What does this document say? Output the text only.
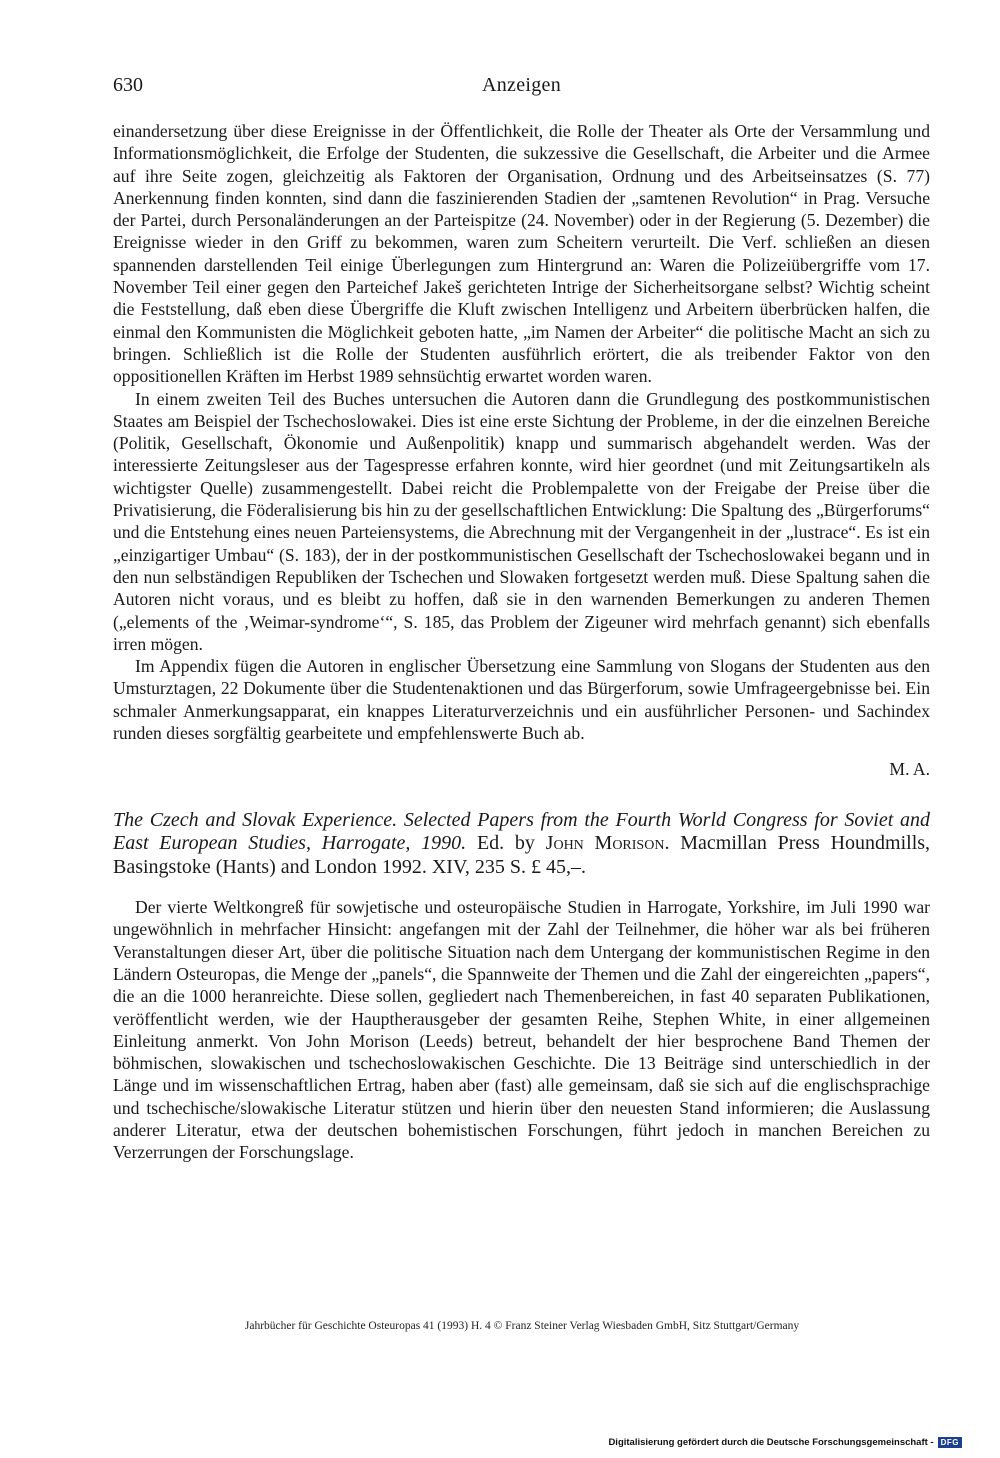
630	Anzeigen

einandersetzung über diese Ereignisse in der Öffentlichkeit, die Rolle der Theater als Orte der Versammlung und Informationsmöglichkeit, die Erfolge der Studenten, die sukzessive die Gesellschaft, die Arbeiter und die Armee auf ihre Seite zogen, gleichzeitig als Faktoren der Organisation, Ordnung und des Arbeitseinsatzes (S. 77) Anerkennung finden konnten, sind dann die faszinierenden Stadien der „samtenen Revolution“ in Prag. Versuche der Partei, durch Personaländerungen an der Parteispitze (24. November) oder in der Regierung (5. Dezember) die Ereignisse wieder in den Griff zu bekommen, waren zum Scheitern verurteilt. Die Verf. schließen an diesen spannenden darstellenden Teil einige Überlegungen zum Hintergrund an: Waren die Polizeiübergriffe vom 17. November Teil einer gegen den Parteichef Jakeš gerichteten Intrige der Sicherheitsorgane selbst? Wichtig scheint die Feststellung, daß eben diese Übergriffe die Kluft zwischen Intelligenz und Arbeitern überbrücken halfen, die einmal den Kommunisten die Möglichkeit geboten hatte, „im Namen der Arbeiter“ die politische Macht an sich zu bringen. Schließlich ist die Rolle der Studenten ausführlich erörtert, die als treibender Faktor von den oppositionellen Kräften im Herbst 1989 sehnsüchtig erwartet worden waren.

In einem zweiten Teil des Buches untersuchen die Autoren dann die Grundlegung des postkommunistischen Staates am Beispiel der Tschechoslowakei. Dies ist eine erste Sichtung der Probleme, in der die einzelnen Bereiche (Politik, Gesellschaft, Ökonomie und Außenpolitik) knapp und summarisch abgehandelt werden. Was der interessierte Zeitungsleser aus der Tagespresse erfahren konnte, wird hier geordnet (und mit Zeitungsartikeln als wichtigster Quelle) zusammengestellt. Dabei reicht die Problempalette von der Freigabe der Preise über die Privatisierung, die Föderalisierung bis hin zu der gesellschaftlichen Entwicklung: Die Spaltung des „Bürgerforums“ und die Entstehung eines neuen Parteiensystems, die Abrechnung mit der Vergangenheit in der „lustrace“. Es ist ein „einzigartiger Umbau“ (S. 183), der in der postkommunistischen Gesellschaft der Tschechoslowakei begann und in den nun selbständigen Republiken der Tschechen und Slowaken fortgesetzt werden muß. Diese Spaltung sahen die Autoren nicht voraus, und es bleibt zu hoffen, daß sie in den warnenden Bemerkungen zu anderen Themen („elements of the ‚Weimar-syndrome‘“, S. 185, das Problem der Zigeuner wird mehrfach genannt) sich ebenfalls irren mögen.

Im Appendix fügen die Autoren in englischer Übersetzung eine Sammlung von Slogans der Studenten aus den Umsturztagen, 22 Dokumente über die Studentenaktionen und das Bürgerforum, sowie Umfrageergebnisse bei. Ein schmaler Anmerkungsapparat, ein knappes Literaturverzeichnis und ein ausführlicher Personen- und Sachindex runden dieses sorgfältig gearbeitete und empfehlenswerte Buch ab.

M. A.

The Czech and Slovak Experience. Selected Papers from the Fourth World Congress for Soviet and East European Studies, Harrogate, 1990. Ed. by John Morison. Macmillan Press Houndmills, Basingstoke (Hants) and London 1992. XIV, 235 S. £ 45,–.

Der vierte Weltkongreß für sowjetische und osteuropäische Studien in Harrogate, Yorkshire, im Juli 1990 war ungewöhnlich in mehrfacher Hinsicht: angefangen mit der Zahl der Teilnehmer, die höher war als bei früheren Veranstaltungen dieser Art, über die politische Situation nach dem Untergang der kommunistischen Regime in den Ländern Osteuropas, die Menge der „panels“, die Spannweite der Themen und die Zahl der eingereichten „papers“, die an die 1000 heranreichte. Diese sollen, gegliedert nach Themenbereichen, in fast 40 separaten Publikationen, veröffentlicht werden, wie der Hauptherausgeber der gesamten Reihe, Stephen White, in einer allgemeinen Einleitung anmerkt. Von John Morison (Leeds) betreut, behandelt der hier besprochene Band Themen der böhmischen, slowakischen und tschechoslowakischen Geschichte. Die 13 Beiträge sind unterschiedlich in der Länge und im wissenschaftlichen Ertrag, haben aber (fast) alle gemeinsam, daß sie sich auf die englischsprachige und tschechische/slowakische Literatur stützen und hierin über den neuesten Stand informieren; die Auslassung anderer Literatur, etwa der deutschen bohemistischen Forschungen, führt jedoch in manchen Bereichen zu Verzerrungen der Forschungslage.

Jahrbücher für Geschichte Osteuropas 41 (1993) H. 4 © Franz Steiner Verlag Wiesbaden GmbH, Sitz Stuttgart/Germany
Digitalisierung gefördert durch die Deutsche Forschungsgemeinschaft - DFG
